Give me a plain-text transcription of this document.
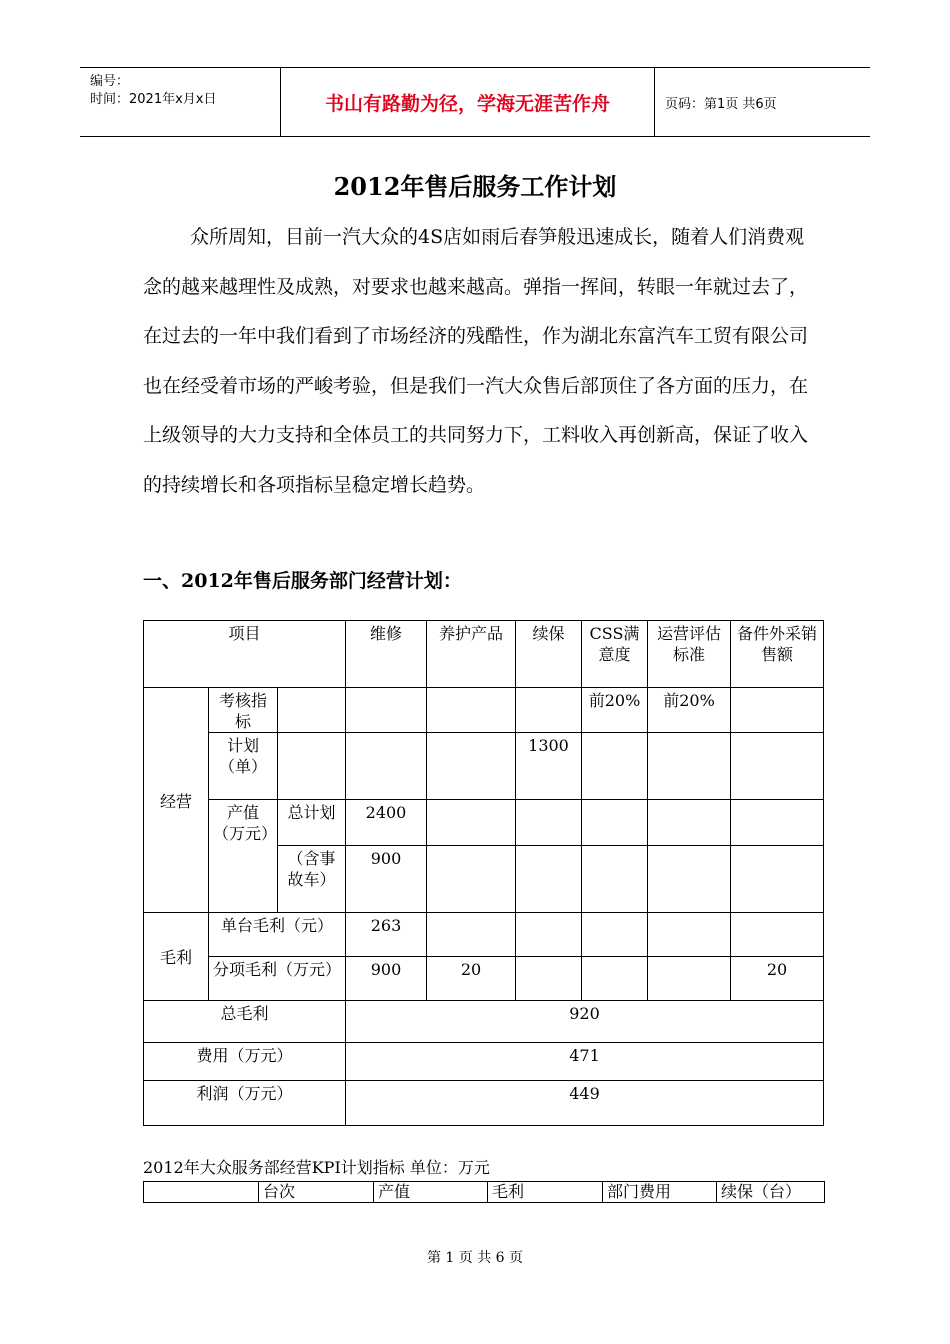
编号：
时间：2021年x月x日	书山有路勤为径，学海无涯苦作舟	页码：第1页 共6页
2012年售后服务工作计划

众所周知，目前一汽大众的4S店如雨后春笋般迅速成长，随着人们消费观念的越来越理性及成熟，对要求也越来越高。弹指一挥间，转眼一年就过去了，在过去的一年中我们看到了市场经济的残酷性，作为湖北东富汽车工贸有限公司也在经受着市场的严峻考验，但是我们一汽大众售后部顶住了各方面的压力，在上级领导的大力支持和全体员工的共同努力下，工料收入再创新高，保证了收入的持续增长和各项指标呈稳定增长趋势。

一、2012年售后服务部门经营计划：
项目			维修	养护产品	续保	CSS满意度	运营评估标准	备件外采销售额
经营	考核指标					前20%	前20%	
	计划（单）				1300			
	产值（万元）	总计划	2400					
		（含事故车）	900					
毛利	单台毛利（元）		263					
	分项毛利（万元）		900	20				20
总毛利			920					
费用（万元）			471					
利润（万元）			449					
2012年大众服务部经营KPI计划指标 单位：万元
	台次	产值	毛利	部门费用	续保（台）
第 1 页 共 6 页
